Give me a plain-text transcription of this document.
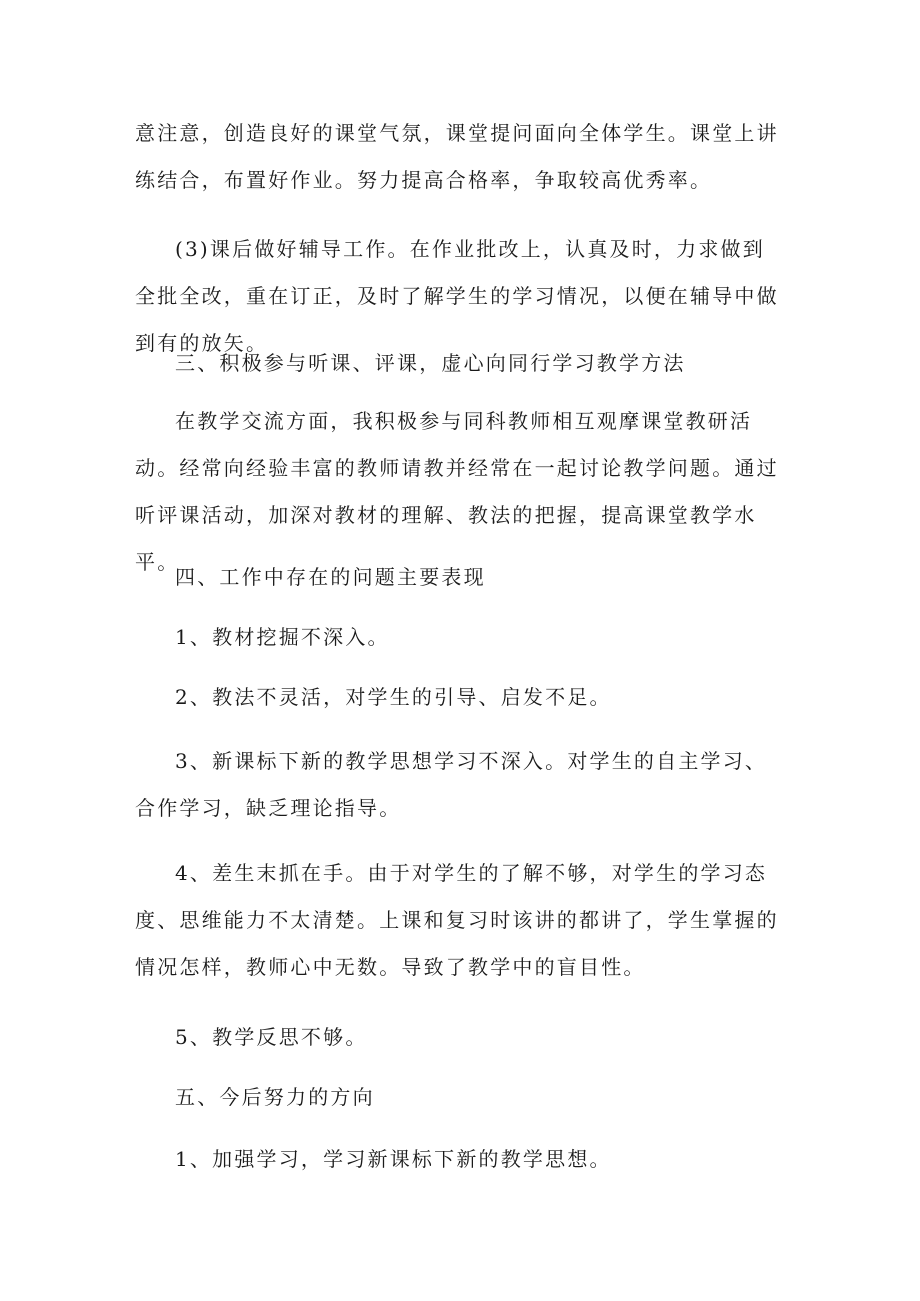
意注意，创造良好的课堂气氛，课堂提问面向全体学生。课堂上讲练结合，布置好作业。努力提高合格率，争取较高优秀率。

(3)课后做好辅导工作。在作业批改上，认真及时，力求做到全批全改，重在订正，及时了解学生的学习情况，以便在辅导中做到有的放矢。

三、积极参与听课、评课，虚心向同行学习教学方法

在教学交流方面，我积极参与同科教师相互观摩课堂教研活动。经常向经验丰富的教师请教并经常在一起讨论教学问题。通过听评课活动，加深对教材的理解、教法的把握，提高课堂教学水平。

四、工作中存在的问题主要表现

1、教材挖掘不深入。

2、教法不灵活，对学生的引导、启发不足。

3、新课标下新的教学思想学习不深入。对学生的自主学习、合作学习，缺乏理论指导。

4、差生末抓在手。由于对学生的了解不够，对学生的学习态度、思维能力不太清楚。上课和复习时该讲的都讲了，学生掌握的情况怎样，教师心中无数。导致了教学中的盲目性。

5、教学反思不够。

五、今后努力的方向

1、加强学习，学习新课标下新的教学思想。
